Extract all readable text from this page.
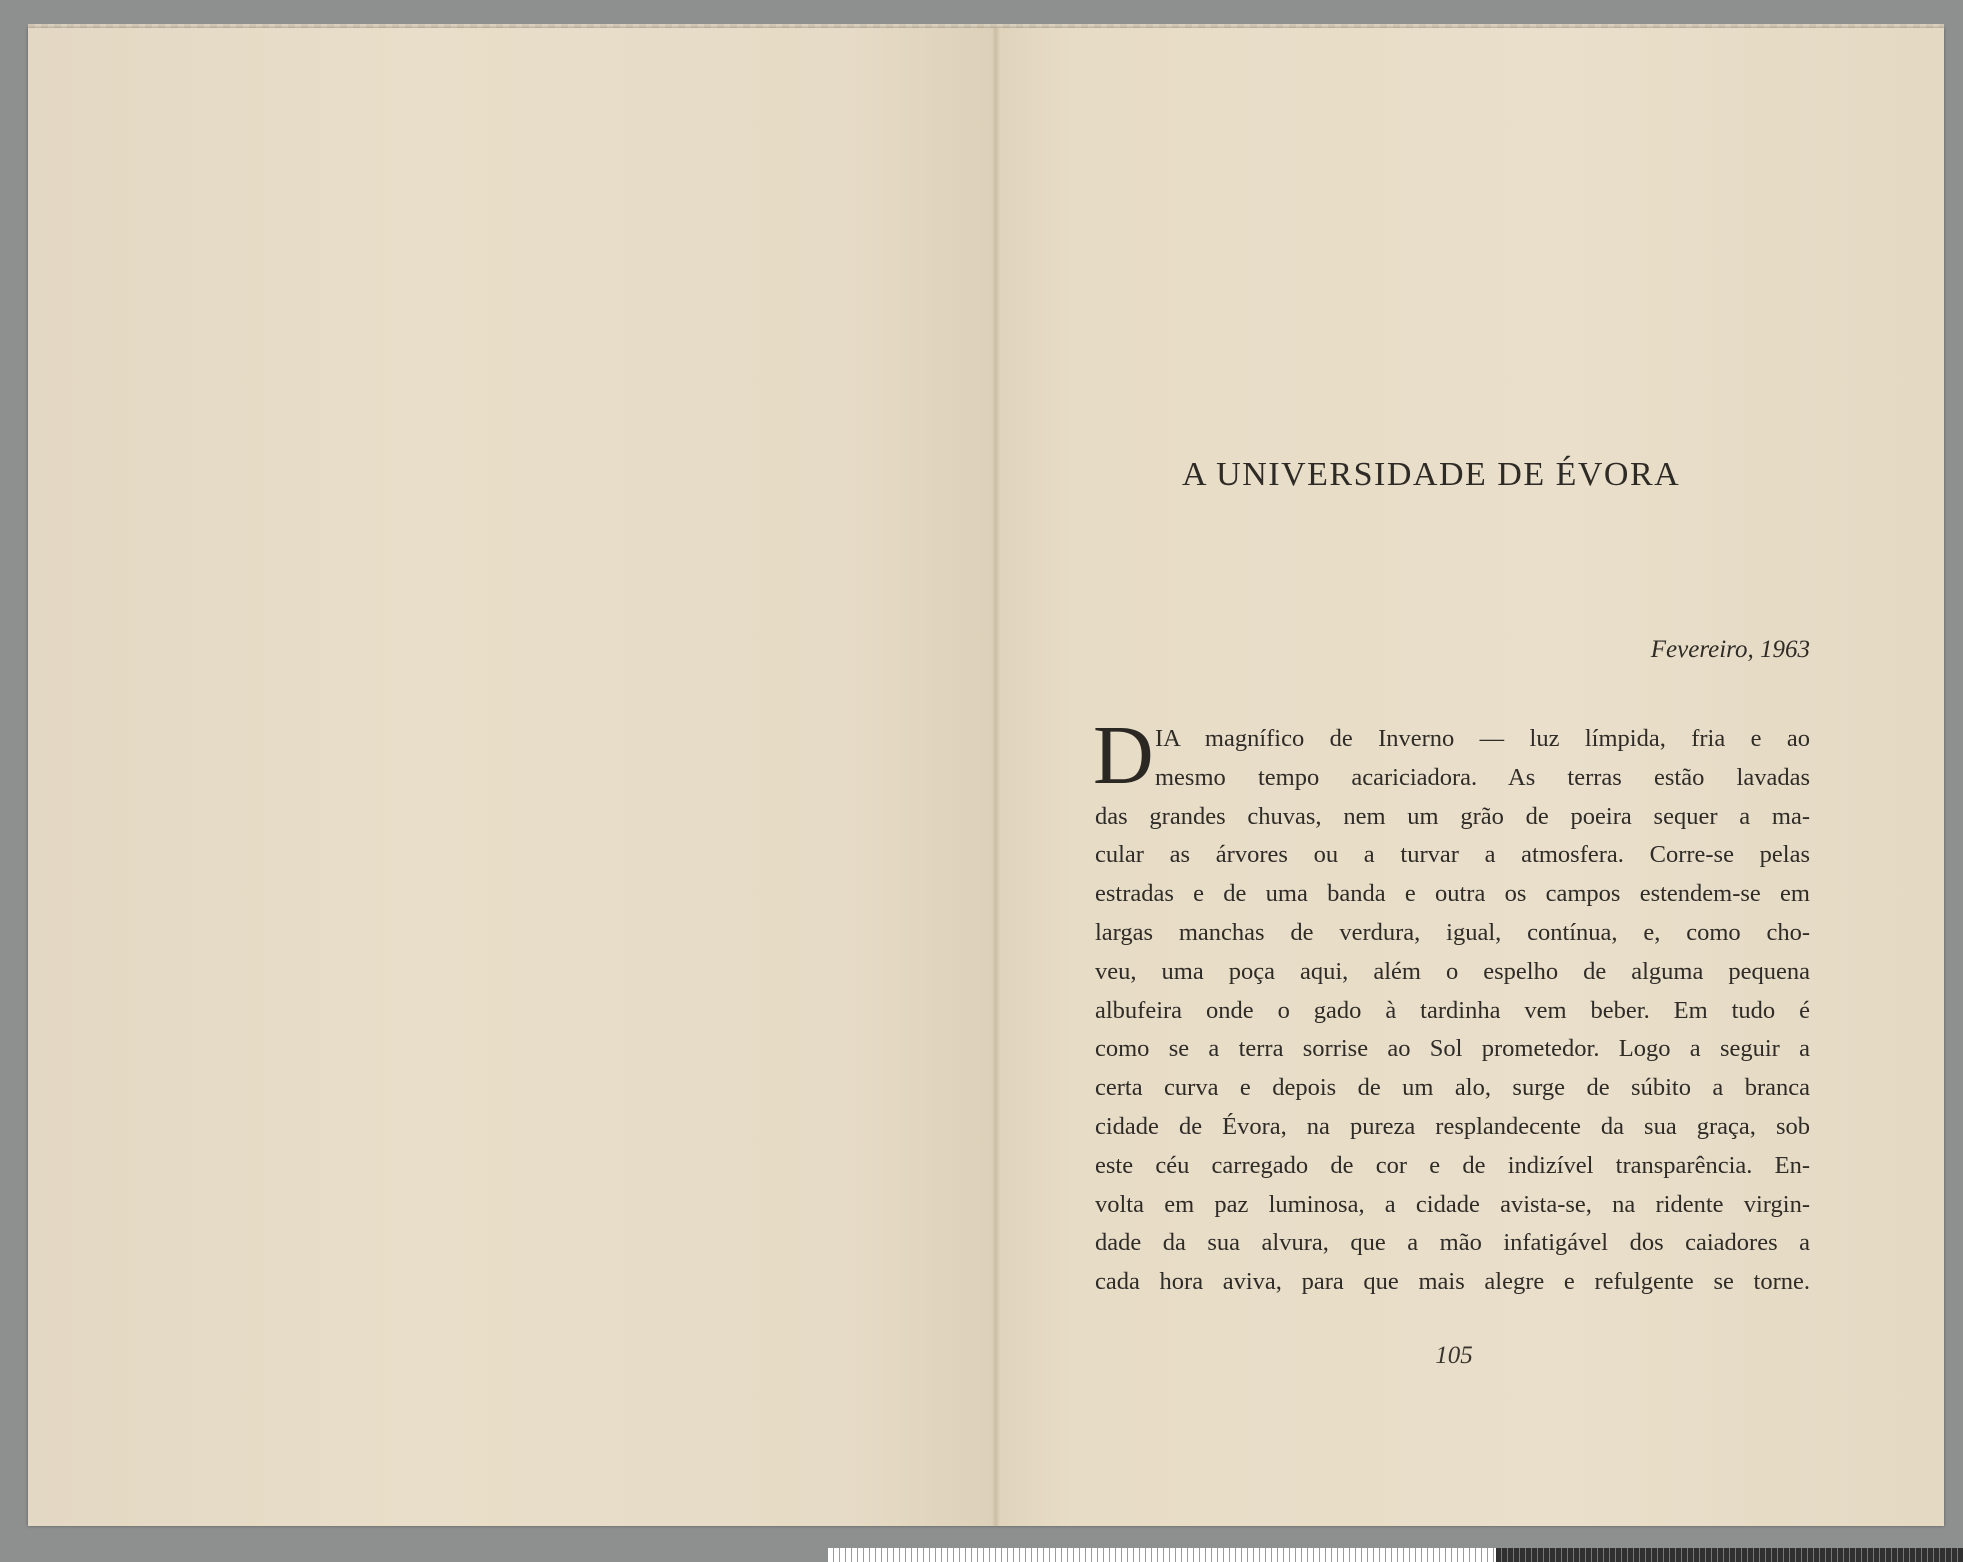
A UNIVERSIDADE DE ÉVORA
Fevereiro, 1963
D IA magnífico de Inverno — luz límpida, fria e ao
mesmo tempo acariciadora. As terras estão lavadas
das grandes chuvas, nem um grão de poeira sequer a ma-
cular as árvores ou a turvar a atmosfera. Corre-se pelas
estradas e de uma banda e outra os campos estendem-se em
largas manchas de verdura, igual, contínua, e, como cho-
veu, uma poça aqui, além o espelho de alguma pequena
albufeira onde o gado à tardinha vem beber. Em tudo é
como se a terra sorrise ao Sol prometedor. Logo a seguir a
certa curva e depois de um alo, surge de súbito a branca
cidade de Évora, na pureza resplandecente da sua graça, sob
este céu carregado de cor e de indizível transparência. En-
volta em paz luminosa, a cidade avista-se, na ridente virgin-
dade da sua alvura, que a mão infatigável dos caiadores a
cada hora aviva, para que mais alegre e refulgente se torne.
105
